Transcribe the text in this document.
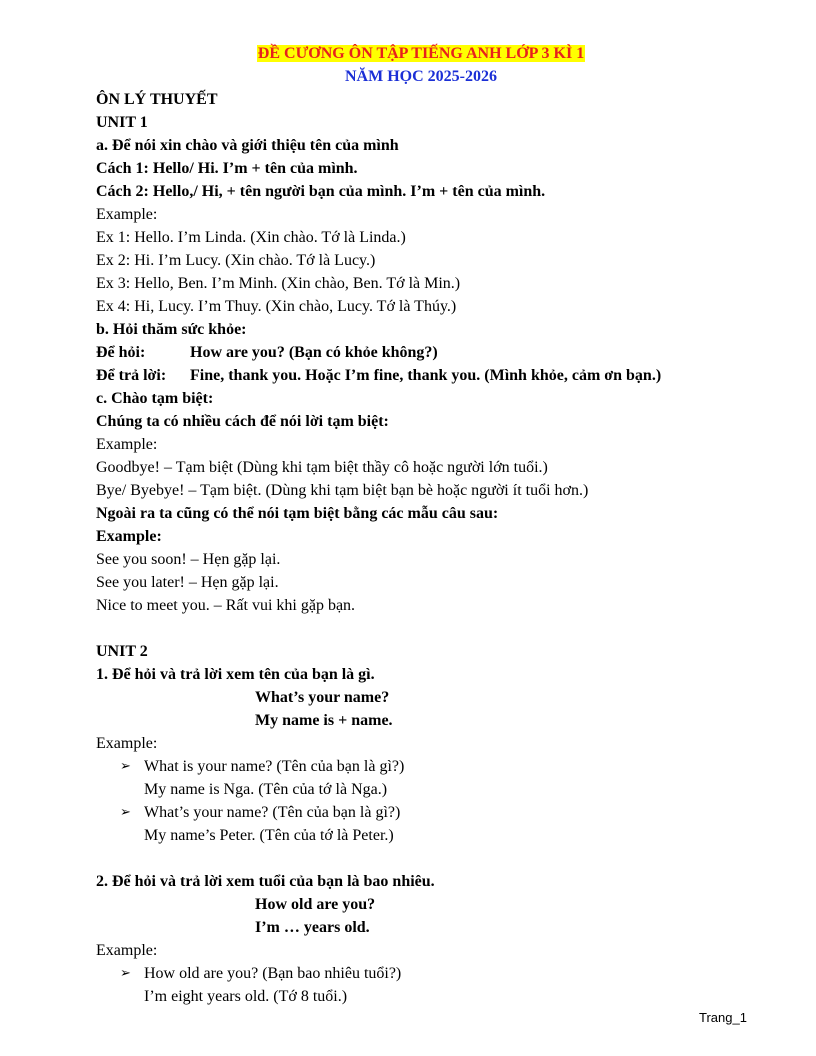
ĐỀ CƯƠNG ÔN TẬP TIẾNG ANH LỚP 3 KÌ 1
NĂM HỌC 2025-2026
ÔN LÝ THUYẾT
UNIT 1
a. Để nói xin chào và giới thiệu tên của mình
Cách 1: Hello/ Hi. I’m + tên của mình.
Cách 2: Hello,/ Hi, + tên người bạn của mình. I’m + tên của mình.
Example:
Ex 1: Hello. I’m Linda. (Xin chào. Tớ là Linda.)
Ex 2: Hi. I’m Lucy. (Xin chào. Tớ là Lucy.)
Ex 3: Hello, Ben. I’m Minh. (Xin chào, Ben. Tớ là Min.)
Ex 4: Hi, Lucy. I’m Thuy. (Xin chào, Lucy. Tớ là Thúy.)
b. Hỏi thăm sức khỏe:
Để hỏi:	How are you? (Bạn có khỏe không?)
Để trả lời: Fine, thank you. Hoặc I’m fine, thank you. (Mình khỏe, cảm ơn bạn.)
c. Chào tạm biệt:
Chúng ta có nhiều cách để nói lời tạm biệt:
Example:
Goodbye! – Tạm biệt (Dùng khi tạm biệt thầy cô hoặc người lớn tuổi.)
Bye/ Byebye! – Tạm biệt. (Dùng khi tạm biệt bạn bè hoặc người ít tuổi hơn.)
Ngoài ra ta cũng có thể nói tạm biệt bằng các mẫu câu sau:
Example:
See you soon! – Hẹn gặp lại.
See you later! – Hẹn gặp lại.
Nice to meet you. – Rất vui khi gặp bạn.
UNIT 2
1. Để hỏi và trả lời xem tên của bạn là gì.
What’s your name?
My name is + name.
Example:
➢ What is your name? (Tên của bạn là gì?)
My name is Nga. (Tên của tớ là Nga.)
➢ What’s your name? (Tên của bạn là gì?)
My name’s Peter. (Tên của tớ là Peter.)
2. Để hỏi và trả lời xem tuổi của bạn là bao nhiêu.
How old are you?
I’m … years old.
Example:
➢ How old are you? (Bạn bao nhiêu tuổi?)
I’m eight years old. (Tớ 8 tuổi.)
Trang_1
